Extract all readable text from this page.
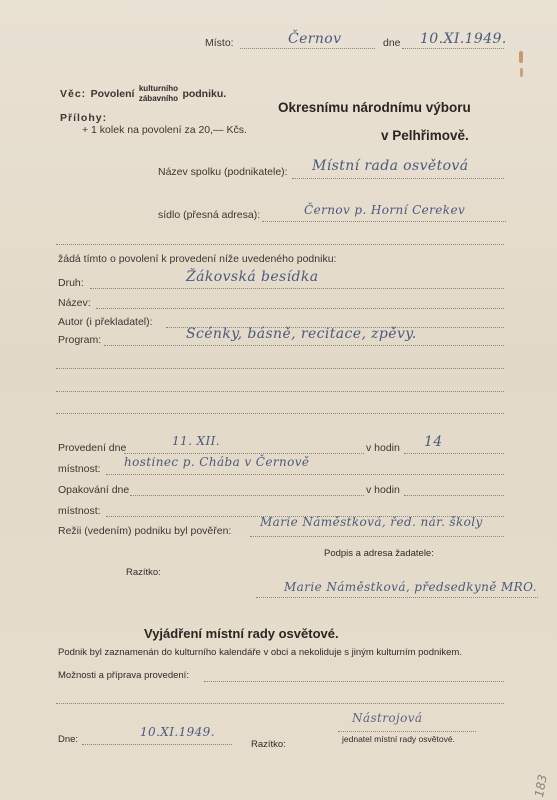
Místo:	Černov	dne 10.XI.1949.
Věc: Povolení kulturního
zábavního podniku.
Přílohy:
+ 1 kolek na povolení za 20,— Kčs.
Okresnímu národnímu výboru
v Pelhřimově.
Název spolku (podnikatele): Místní rada osvětová
sídlo (přesná adresa):	Černov p. Horní Cerekev
žádá tímto o povolení k provedení níže uvedeného podniku:
Druh:	Žákovská besídka
Název:
Autor (i překladatel):
Program:	Scénky, básně, recitace, zpěvy.
Provedení dne	11. XII.	v hodin 14
místnost: hostinec p. Chába v Černově
Opakování dne	v hodin
místnost:
Režii (vedením) podniku byl pověřen:
Marie Náměstková, řed. nár. školy
Podpis a adresa žadatele:
Razítko:
Marie Náměstková, předsedkyně MRO.
Vyjádření místní rady osvětové.
Podnik byl zaznamenán do kulturního kalendáře v obci a nekoliduje s jiným kulturním podnikem.
Možnosti a příprava provedení:
Dne:
10.XI.1949.
Razítko:
Nástrojová
jednatel místní rady osvětové.
183
